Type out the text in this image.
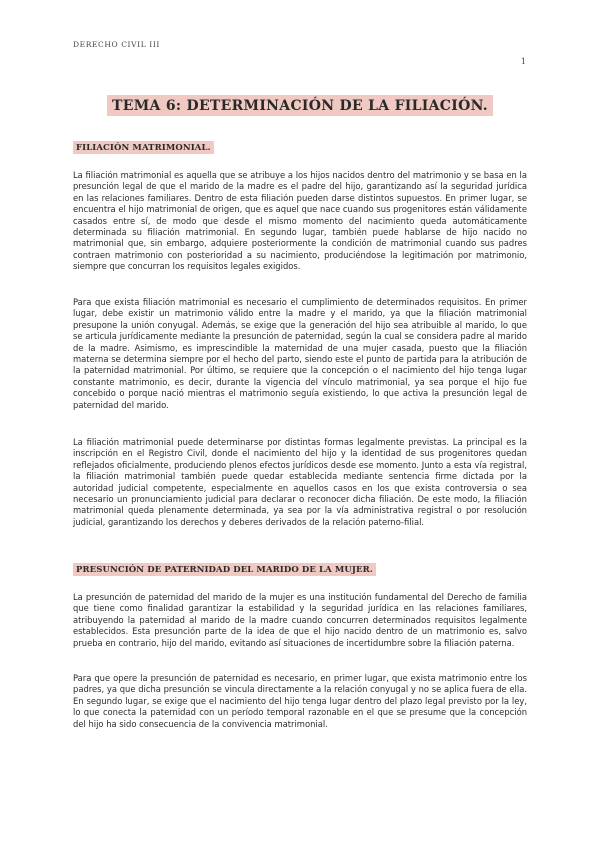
DERECHO CIVIL III
1
TEMA 6: DETERMINACIÓN DE LA FILIACIÓN.
FILIACIÓN MATRIMONIAL.

La filiación matrimonial es aquella que se atribuye a los hijos nacidos dentro del matrimonio y se basa en la presunción legal de que el marido de la madre es el padre del hijo, garantizando así la seguridad jurídica en las relaciones familiares. Dentro de esta filiación pueden darse distintos supuestos. En primer lugar, se encuentra el hijo matrimonial de origen, que es aquel que nace cuando sus progenitores están válidamente casados entre sí, de modo que desde el mismo momento del nacimiento queda automáticamente determinada su filiación matrimonial. En segundo lugar, también puede hablarse de hijo nacido no matrimonial que, sin embargo, adquiere posteriormente la condición de matrimonial cuando sus padres contraen matrimonio con posterioridad a su nacimiento, produciéndose la legitimación por matrimonio, siempre que concurran los requisitos legales exigidos.

Para que exista filiación matrimonial es necesario el cumplimiento de determinados requisitos. En primer lugar, debe existir un matrimonio válido entre la madre y el marido, ya que la filiación matrimonial presupone la unión conyugal. Además, se exige que la generación del hijo sea atribuible al marido, lo que se articula jurídicamente mediante la presunción de paternidad, según la cual se considera padre al marido de la madre. Asimismo, es imprescindible la maternidad de una mujer casada, puesto que la filiación materna se determina siempre por el hecho del parto, siendo este el punto de partida para la atribución de la paternidad matrimonial. Por último, se requiere que la concepción o el nacimiento del hijo tenga lugar constante matrimonio, es decir, durante la vigencia del vínculo matrimonial, ya sea porque el hijo fue concebido o porque nació mientras el matrimonio seguía existiendo, lo que activa la presunción legal de paternidad del marido.

La filiación matrimonial puede determinarse por distintas formas legalmente previstas. La principal es la inscripción en el Registro Civil, donde el nacimiento del hijo y la identidad de sus progenitores quedan reflejados oficialmente, produciendo plenos efectos jurídicos desde ese momento. Junto a esta vía registral, la filiación matrimonial también puede quedar establecida mediante sentencia firme dictada por la autoridad judicial competente, especialmente en aquellos casos en los que exista controversia o sea necesario un pronunciamiento judicial para declarar o reconocer dicha filiación. De este modo, la filiación matrimonial queda plenamente determinada, ya sea por la vía administrativa registral o por resolución judicial, garantizando los derechos y deberes derivados de la relación paterno-filial.

PRESUNCIÓN DE PATERNIDAD DEL MARIDO DE LA MUJER.

La presunción de paternidad del marido de la mujer es una institución fundamental del Derecho de familia que tiene como finalidad garantizar la estabilidad y la seguridad jurídica en las relaciones familiares, atribuyendo la paternidad al marido de la madre cuando concurren determinados requisitos legalmente establecidos. Esta presunción parte de la idea de que el hijo nacido dentro de un matrimonio es, salvo prueba en contrario, hijo del marido, evitando así situaciones de incertidumbre sobre la filiación paterna.

Para que opere la presunción de paternidad es necesario, en primer lugar, que exista matrimonio entre los padres, ya que dicha presunción se vincula directamente a la relación conyugal y no se aplica fuera de ella. En segundo lugar, se exige que el nacimiento del hijo tenga lugar dentro del plazo legal previsto por la ley, lo que conecta la paternidad con un período temporal razonable en el que se presume que la concepción del hijo ha sido consecuencia de la convivencia matrimonial.
